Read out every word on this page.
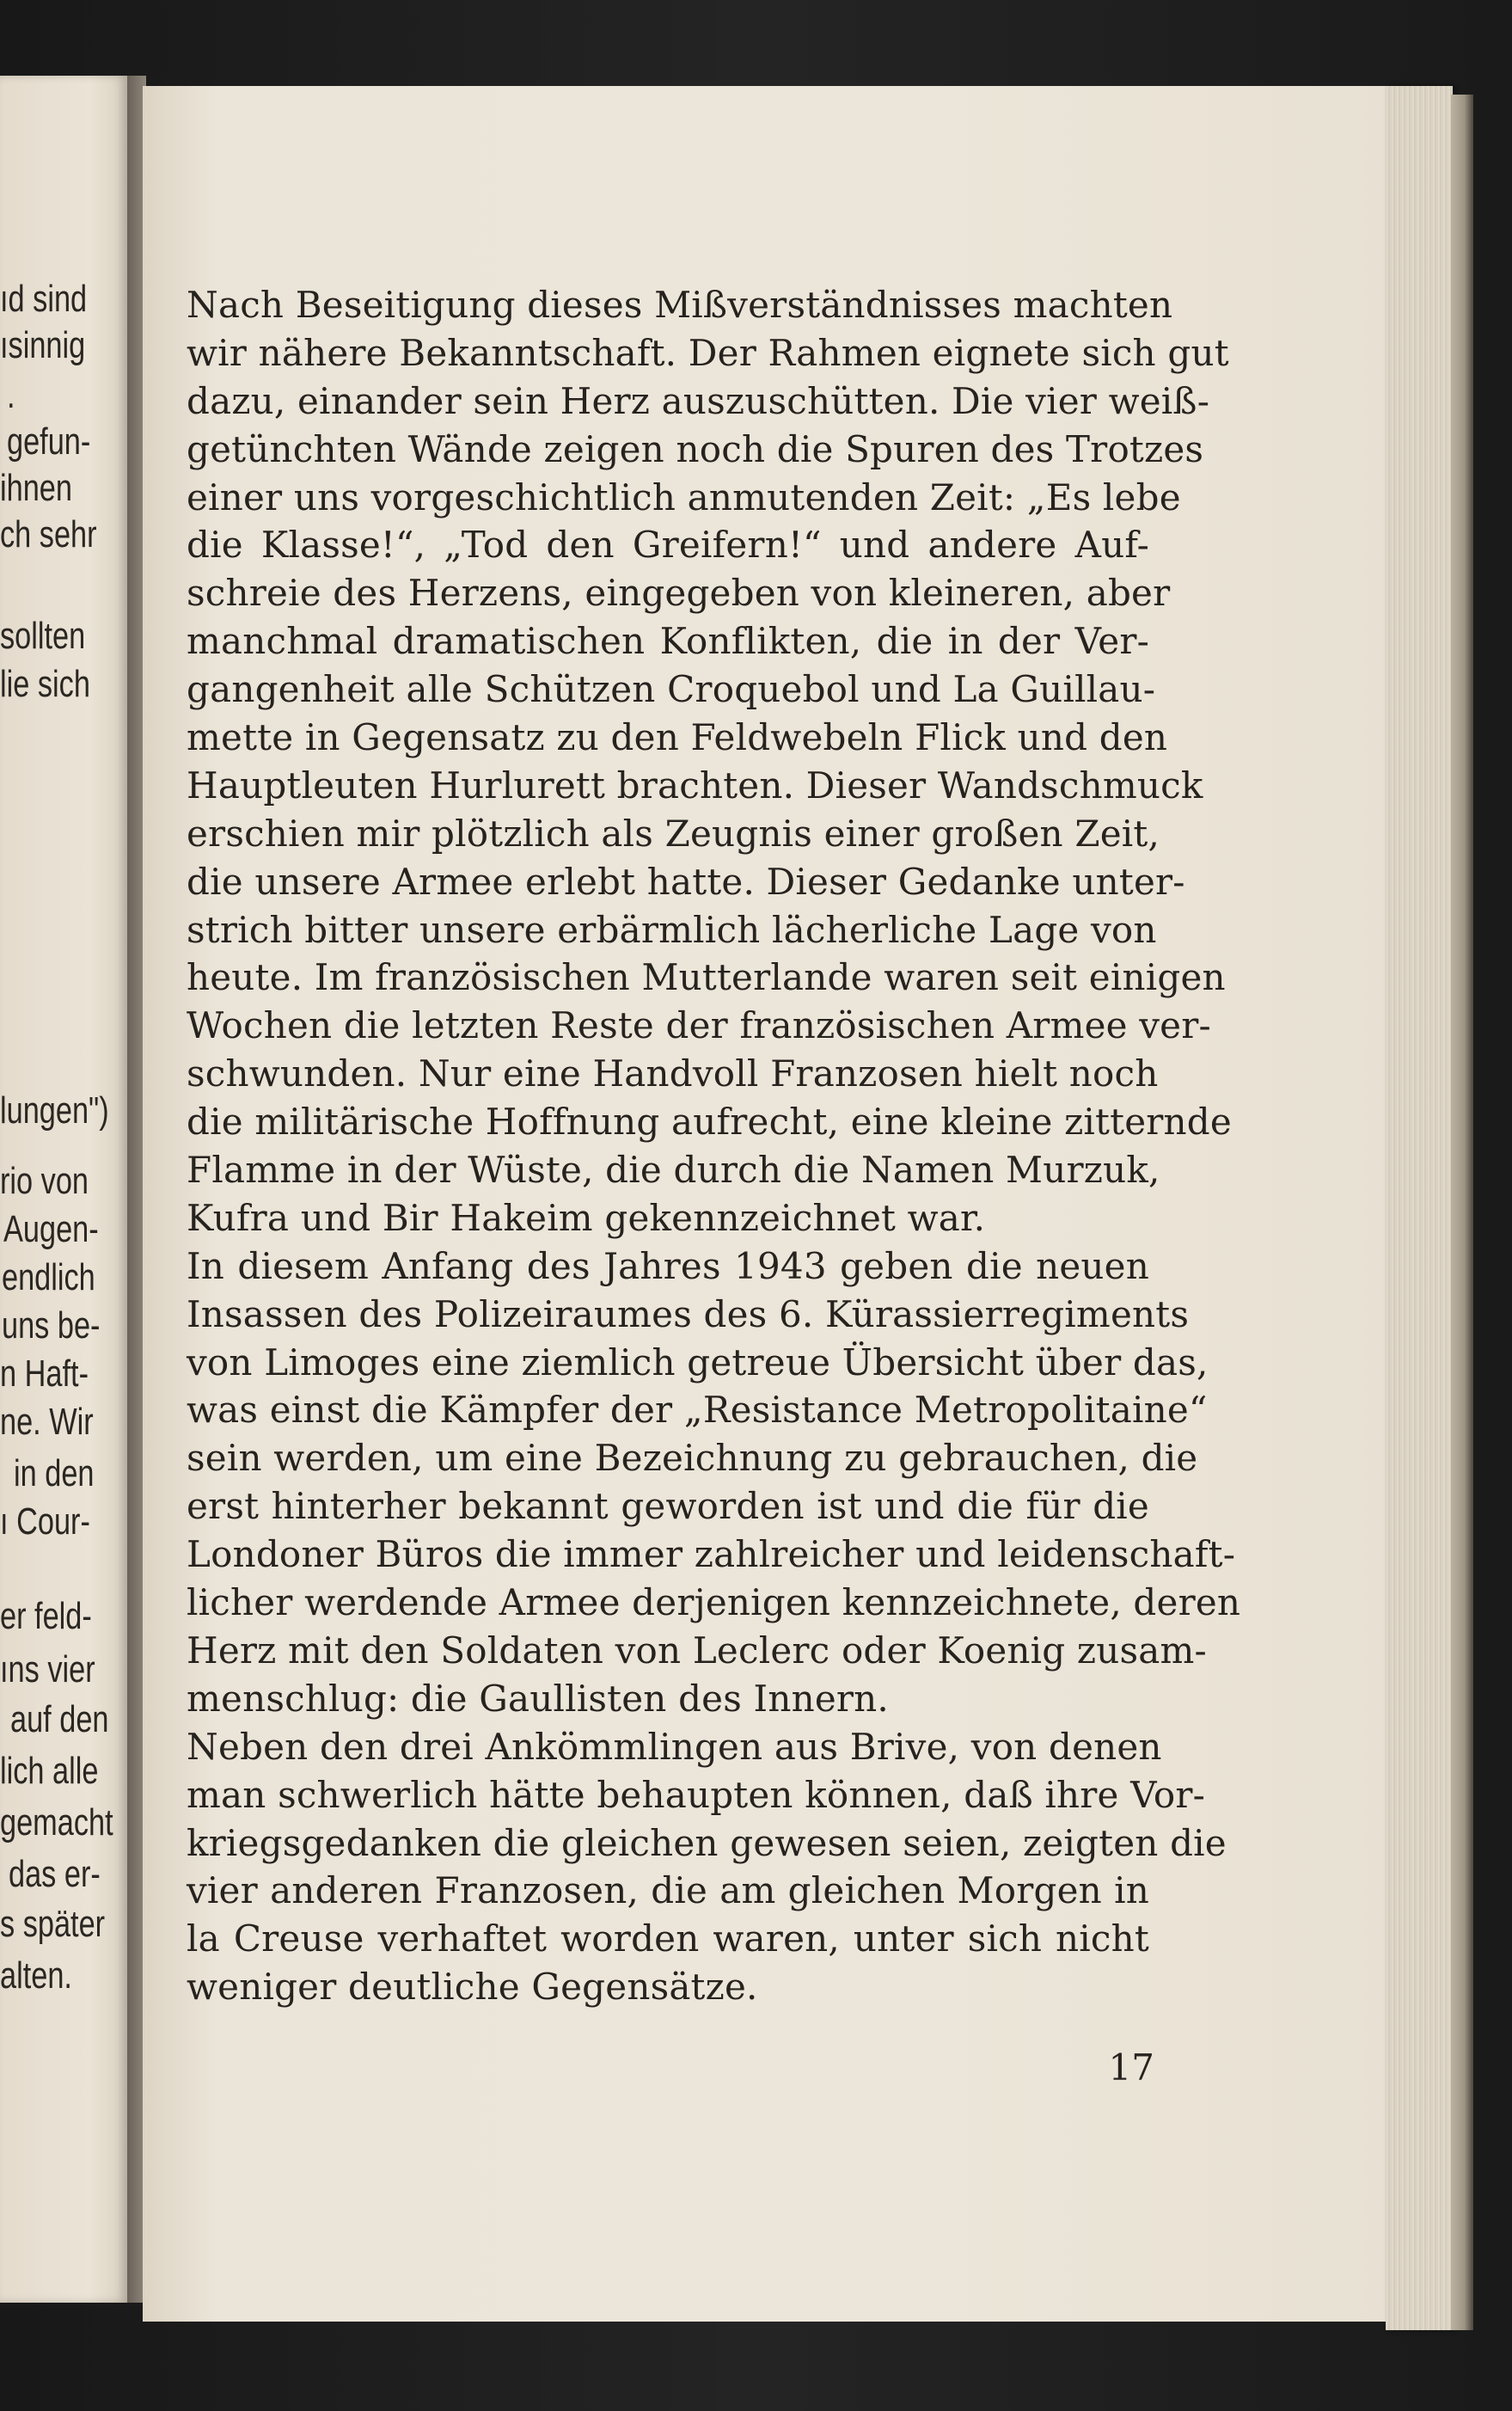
ıd sind
ısinnig
.
gefun-
ihnen
ch sehr
sollten
lie sich
lungen")
rio von
Augen-
endlich
uns be-
n Haft-
ne. Wir
in den
ı Cour-
er feld-
ıns vier
auf den
lich alle
gemacht
das er-
s später
alten.
Nach Beseitigung dieses Mißverständnisses machten
wir nähere Bekanntschaft. Der Rahmen eignete sich gut
dazu, einander sein Herz auszuschütten. Die vier weiß-
getünchten Wände zeigen noch die Spuren des Trotzes
einer uns vorgeschichtlich anmutenden Zeit: „Es lebe
die Klasse!“, „Tod den Greifern!“ und andere Auf-
schreie des Herzens, eingegeben von kleineren, aber
manchmal dramatischen Konflikten, die in der Ver-
gangenheit alle Schützen Croquebol und La Guillau-
mette in Gegensatz zu den Feldwebeln Flick und den
Hauptleuten Hurlurett brachten. Dieser Wandschmuck
erschien mir plötzlich als Zeugnis einer großen Zeit,
die unsere Armee erlebt hatte. Dieser Gedanke unter-
strich bitter unsere erbärmlich lächerliche Lage von
heute. Im französischen Mutterlande waren seit einigen
Wochen die letzten Reste der französischen Armee ver-
schwunden. Nur eine Handvoll Franzosen hielt noch
die militärische Hoffnung aufrecht, eine kleine zitternde
Flamme in der Wüste, die durch die Namen Murzuk,
Kufra und Bir Hakeim gekennzeichnet war.
In diesem Anfang des Jahres 1943 geben die neuen
Insassen des Polizeiraumes des 6. Kürassierregiments
von Limoges eine ziemlich getreue Übersicht über das,
was einst die Kämpfer der „Resistance Metropolitaine“
sein werden, um eine Bezeichnung zu gebrauchen, die
erst hinterher bekannt geworden ist und die für die
Londoner Büros die immer zahlreicher und leidenschaft-
licher werdende Armee derjenigen kennzeichnete, deren
Herz mit den Soldaten von Leclerc oder Koenig zusam-
menschlug: die Gaullisten des Innern.
Neben den drei Ankömmlingen aus Brive, von denen
man schwerlich hätte behaupten können, daß ihre Vor-
kriegsgedanken die gleichen gewesen seien, zeigten die
vier anderen Franzosen, die am gleichen Morgen in
la Creuse verhaftet worden waren, unter sich nicht
weniger deutliche Gegensätze.
17
